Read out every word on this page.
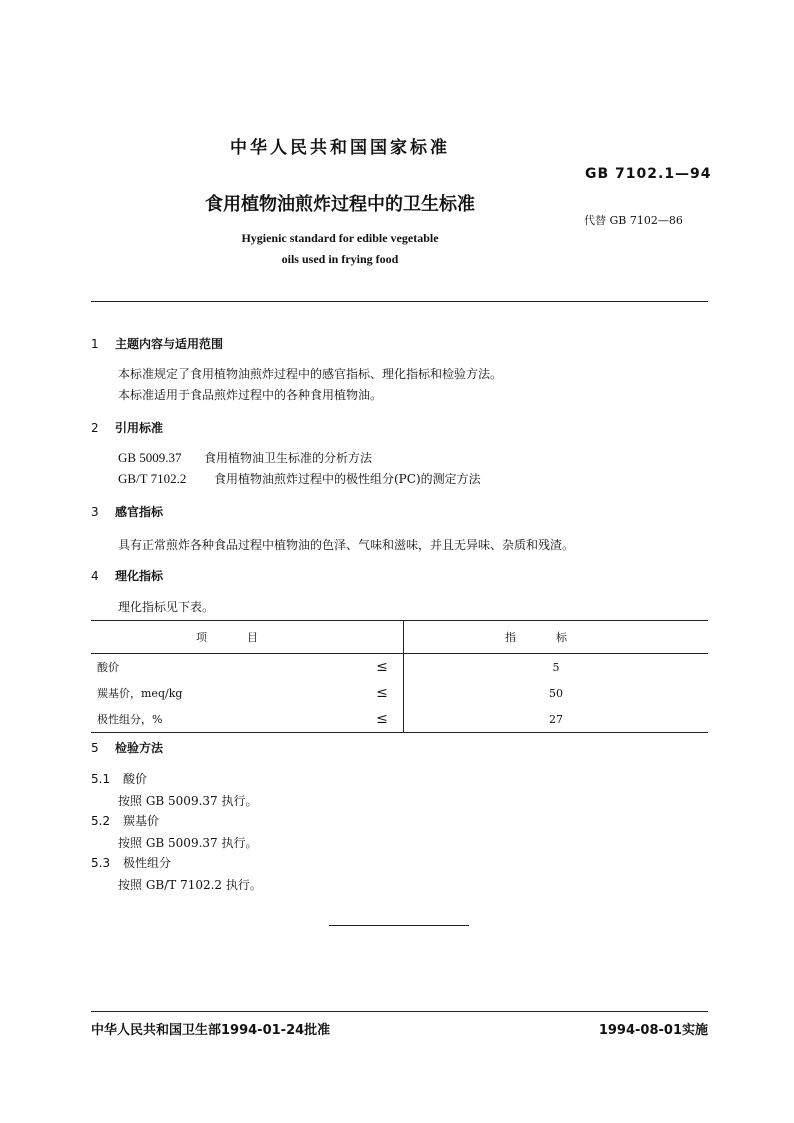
中华人民共和国国家标准
GB 7102.1—94
食用植物油煎炸过程中的卫生标准
代替 GB 7102—86
Hygienic standard for edible vegetable
oils used in frying food
1 主题内容与适用范围
本标准规定了食用植物油煎炸过程中的感官指标、理化指标和检验方法。
本标准适用于食品煎炸过程中的各种食用植物油。
2 引用标准
GB 5009.37 食用植物油卫生标准的分析方法
GB/T 7102.2 食用植物油煎炸过程中的极性组分(PC)的测定方法
3 感官指标
具有正常煎炸各种食品过程中植物油的色泽、气味和滋味，并且无异味、杂质和残渣。
4 理化指标
理化指标见下表。
项目		指标
酸价	≤	5
羰基价，meq/kg	≤	50
极性组分，%	≤	27
5 检验方法
5.1 酸价
按照 GB 5009.37 执行。
5.2 羰基价
按照 GB 5009.37 执行。
5.3 极性组分
按照 GB/T 7102.2 执行。
中华人民共和国卫生部1994-01-24批准	1994-08-01实施
